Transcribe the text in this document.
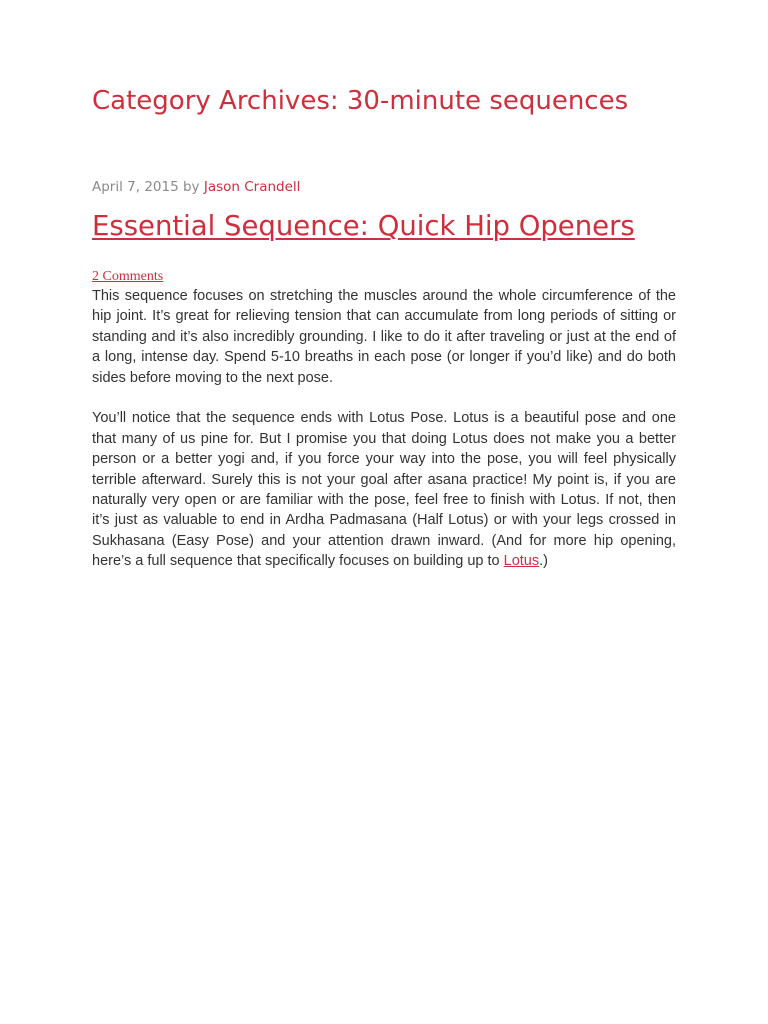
Category Archives: 30-minute sequences
April 7, 2015 by Jason Crandell
Essential Sequence: Quick Hip Openers
2 Comments

This sequence focuses on stretching the muscles around the whole circumference of the hip joint. It’s great for relieving tension that can accumulate from long periods of sitting or standing and it’s also incredibly grounding. I like to do it after traveling or just at the end of a long, intense day. Spend 5-10 breaths in each pose (or longer if you’d like) and do both sides before moving to the next pose.

You’ll notice that the sequence ends with Lotus Pose. Lotus is a beautiful pose and one that many of us pine for. But I promise you that doing Lotus does not make you a better person or a better yogi and, if you force your way into the pose, you will feel physically terrible afterward. Surely this is not your goal after asana practice! My point is, if you are naturally very open or are familiar with the pose, feel free to finish with Lotus. If not, then it’s just as valuable to end in Ardha Padmasana (Half Lotus) or with your legs crossed in Sukhasana (Easy Pose) and your attention drawn inward. (And for more hip opening, here’s a full sequence that specifically focuses on building up to Lotus.)
